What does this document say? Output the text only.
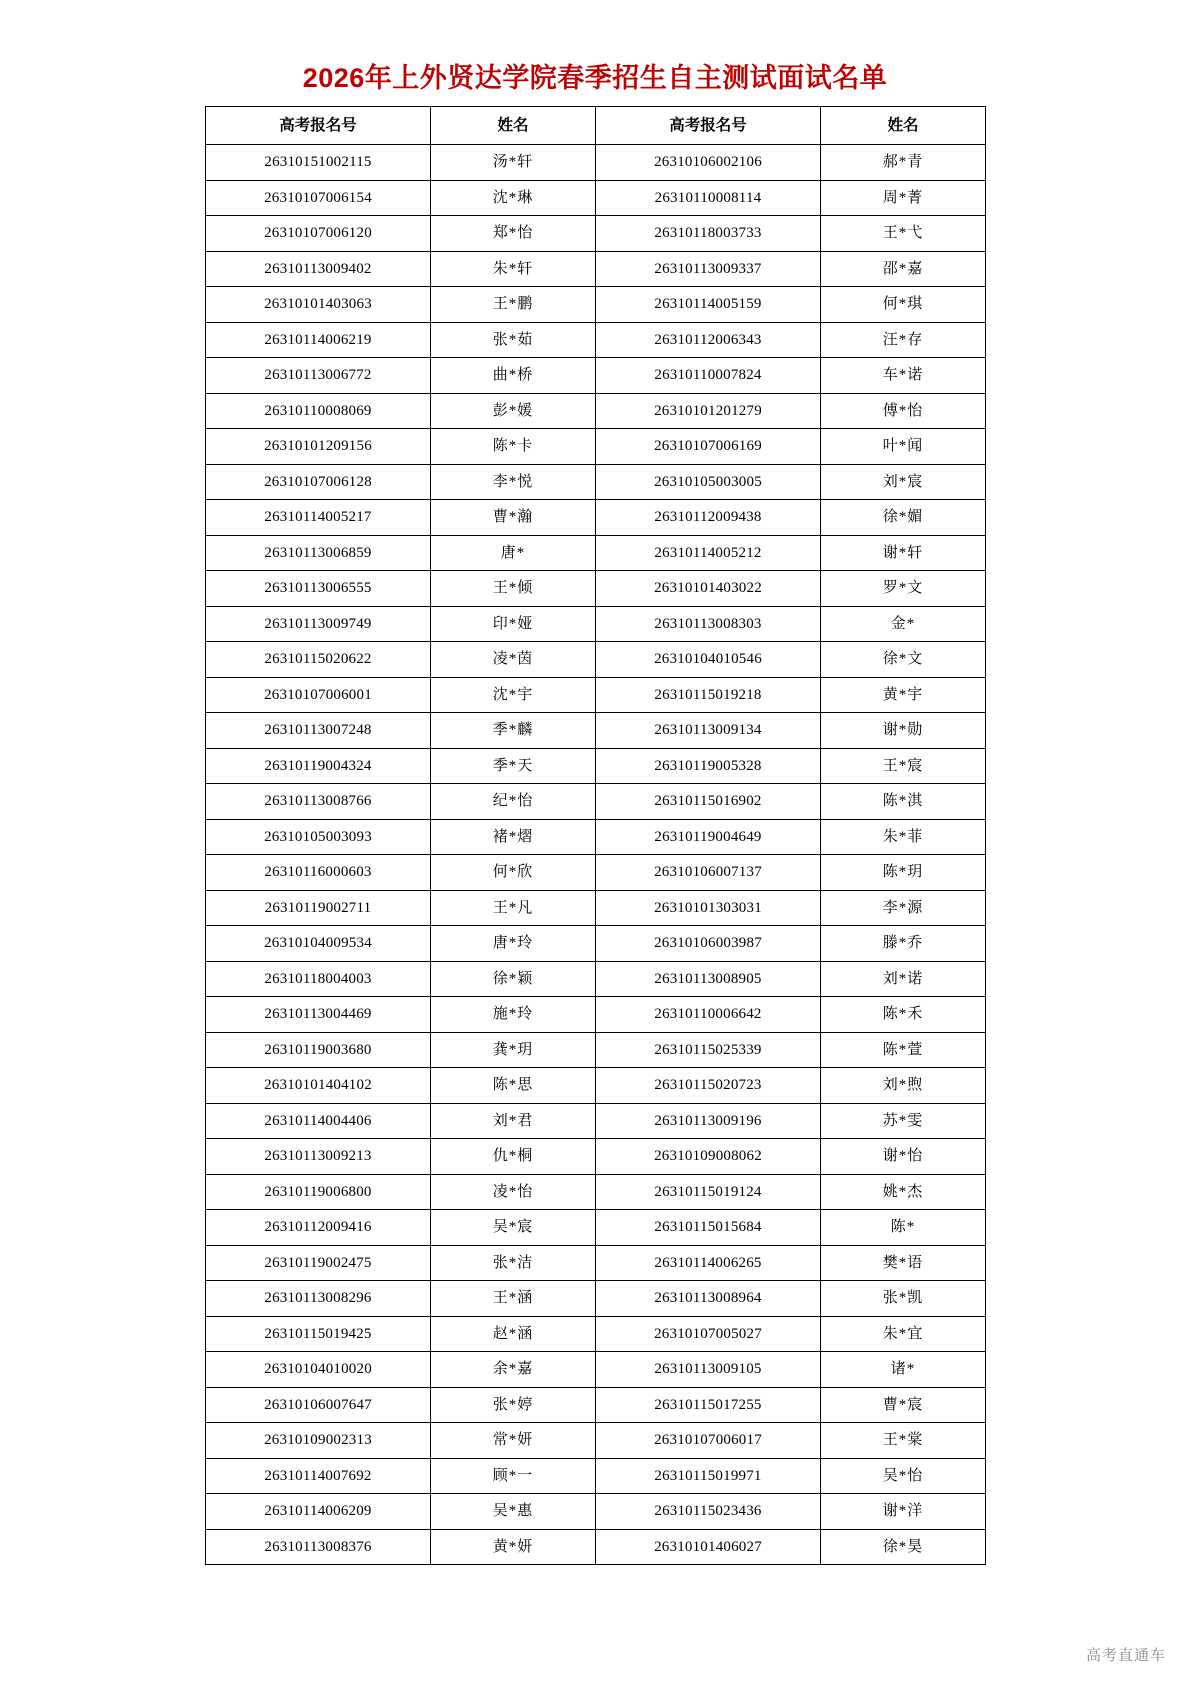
2026年上外贤达学院春季招生自主测试面试名单
高考报名号	姓名	高考报名号	姓名
26310151002115	汤*轩	26310106002106	郝*青
26310107006154	沈*琳	26310110008114	周*菁
26310107006120	郑*怡	26310118003733	王*弋
26310113009402	朱*轩	26310113009337	邵*嘉
26310101403063	王*鹏	26310114005159	何*琪
26310114006219	张*茹	26310112006343	汪*存
26310113006772	曲*桥	26310110007824	车*诺
26310110008069	彭*媛	26310101201279	傅*怡
26310101209156	陈*卡	26310107006169	叶*闻
26310107006128	李*悦	26310105003005	刘*宸
26310114005217	曹*瀚	26310112009438	徐*媚
26310113006859	唐*	26310114005212	谢*轩
26310113006555	王*倾	26310101403022	罗*文
26310113009749	印*娅	26310113008303	金*
26310115020622	凌*茵	26310104010546	徐*文
26310107006001	沈*宇	26310115019218	黄*宇
26310113007248	季*麟	26310113009134	谢*勋
26310119004324	季*天	26310119005328	王*宸
26310113008766	纪*怡	26310115016902	陈*淇
26310105003093	褚*熠	26310119004649	朱*菲
26310116000603	何*欣	26310106007137	陈*玥
26310119002711	王*凡	26310101303031	李*源
26310104009534	唐*玲	26310106003987	滕*乔
26310118004003	徐*颖	26310113008905	刘*诺
26310113004469	施*玲	26310110006642	陈*禾
26310119003680	龚*玥	26310115025339	陈*萱
26310101404102	陈*思	26310115020723	刘*煦
26310114004406	刘*君	26310113009196	苏*雯
26310113009213	仇*桐	26310109008062	谢*怡
26310119006800	凌*怡	26310115019124	姚*杰
26310112009416	吴*宸	26310115015684	陈*
26310119002475	张*洁	26310114006265	樊*语
26310113008296	王*涵	26310113008964	张*凯
26310115019425	赵*涵	26310107005027	朱*宜
26310104010020	余*嘉	26310113009105	诸*
26310106007647	张*婷	26310115017255	曹*宸
26310109002313	常*妍	26310107006017	王*棠
26310114007692	顾*一	26310115019971	吴*怡
26310114006209	吴*惠	26310115023436	谢*洋
26310113008376	黄*妍	26310101406027	徐*昊
高考直通车
